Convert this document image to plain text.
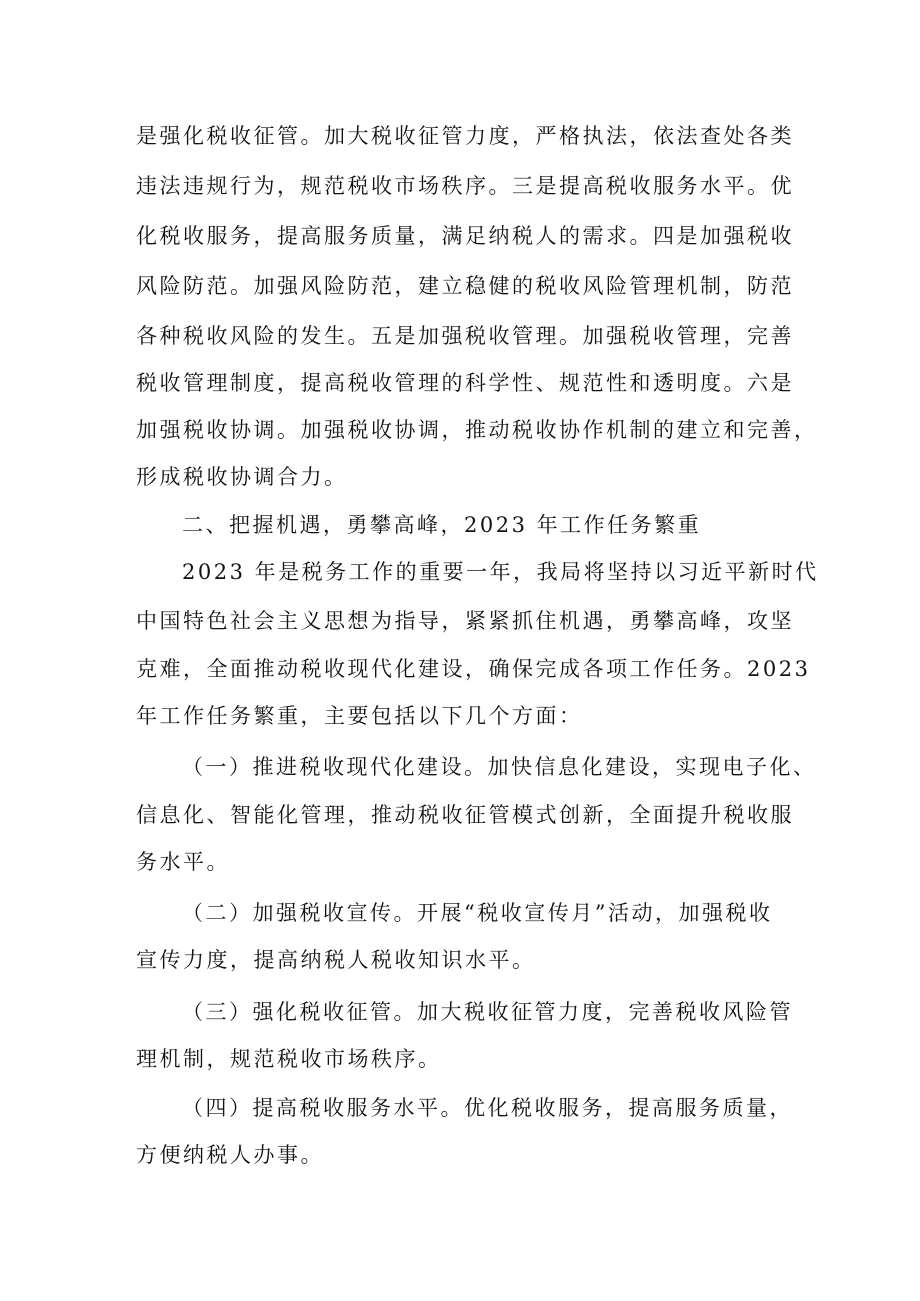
是强化税收征管。加大税收征管力度，严格执法，依法查处各类
违法违规行为，规范税收市场秩序。三是提高税收服务水平。优
化税收服务，提高服务质量，满足纳税人的需求。四是加强税收
风险防范。加强风险防范，建立稳健的税收风险管理机制，防范
各种税收风险的发生。五是加强税收管理。加强税收管理，完善
税收管理制度，提高税收管理的科学性、规范性和透明度。六是
加强税收协调。加强税收协调，推动税收协作机制的建立和完善，
形成税收协调合力。
二、把握机遇，勇攀高峰，2023 年工作任务繁重
2023 年是税务工作的重要一年，我局将坚持以习近平新时代
中国特色社会主义思想为指导，紧紧抓住机遇，勇攀高峰，攻坚
克难，全面推动税收现代化建设，确保完成各项工作任务。2023
年工作任务繁重，主要包括以下几个方面：
（一）推进税收现代化建设。加快信息化建设，实现电子化、
信息化、智能化管理，推动税收征管模式创新，全面提升税收服
务水平。
（二）加强税收宣传。开展“税收宣传月”活动，加强税收
宣传力度，提高纳税人税收知识水平。
（三）强化税收征管。加大税收征管力度，完善税收风险管
理机制，规范税收市场秩序。
（四）提高税收服务水平。优化税收服务，提高服务质量，
方便纳税人办事。
